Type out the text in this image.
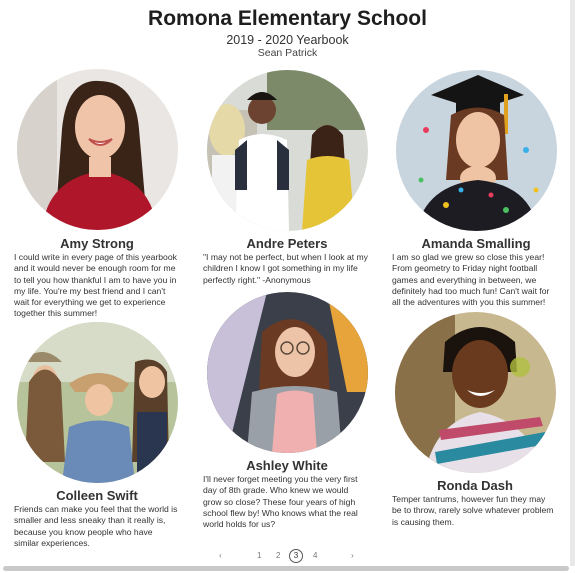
Romona Elementary School
2019 - 2020 Yearbook
Sean Patrick
Amy Strong
I could write in every page of this yearbook and it would never be enough room for me to tell you how thankful I am to have you in my life. You're my best friend and I can't wait for everything we get to experience together this summer!
Andre Peters
"I may not be perfect, but when I look at my children I know I got something in my life perfectly right." -Anonymous
Amanda Smalling
I am so glad we grew so close this year! From geometry to Friday night football games and everything in between, we definitely had too much fun! Can't wait for all the adventures with you this summer!
Colleen Swift
Friends can make you feel that the world is smaller and less sneaky than it really is, because you know people who have similar experiences.
Ashley White
I'll never forget meeting you the very first day of 8th grade. Who knew we would grow so close? These four years of high school flew by! Who knows what the real world holds for us?
Ronda Dash
Temper tantrums, however fun they may be to throw, rarely solve whatever problem is causing them.
‹	1 2	3	4	›
